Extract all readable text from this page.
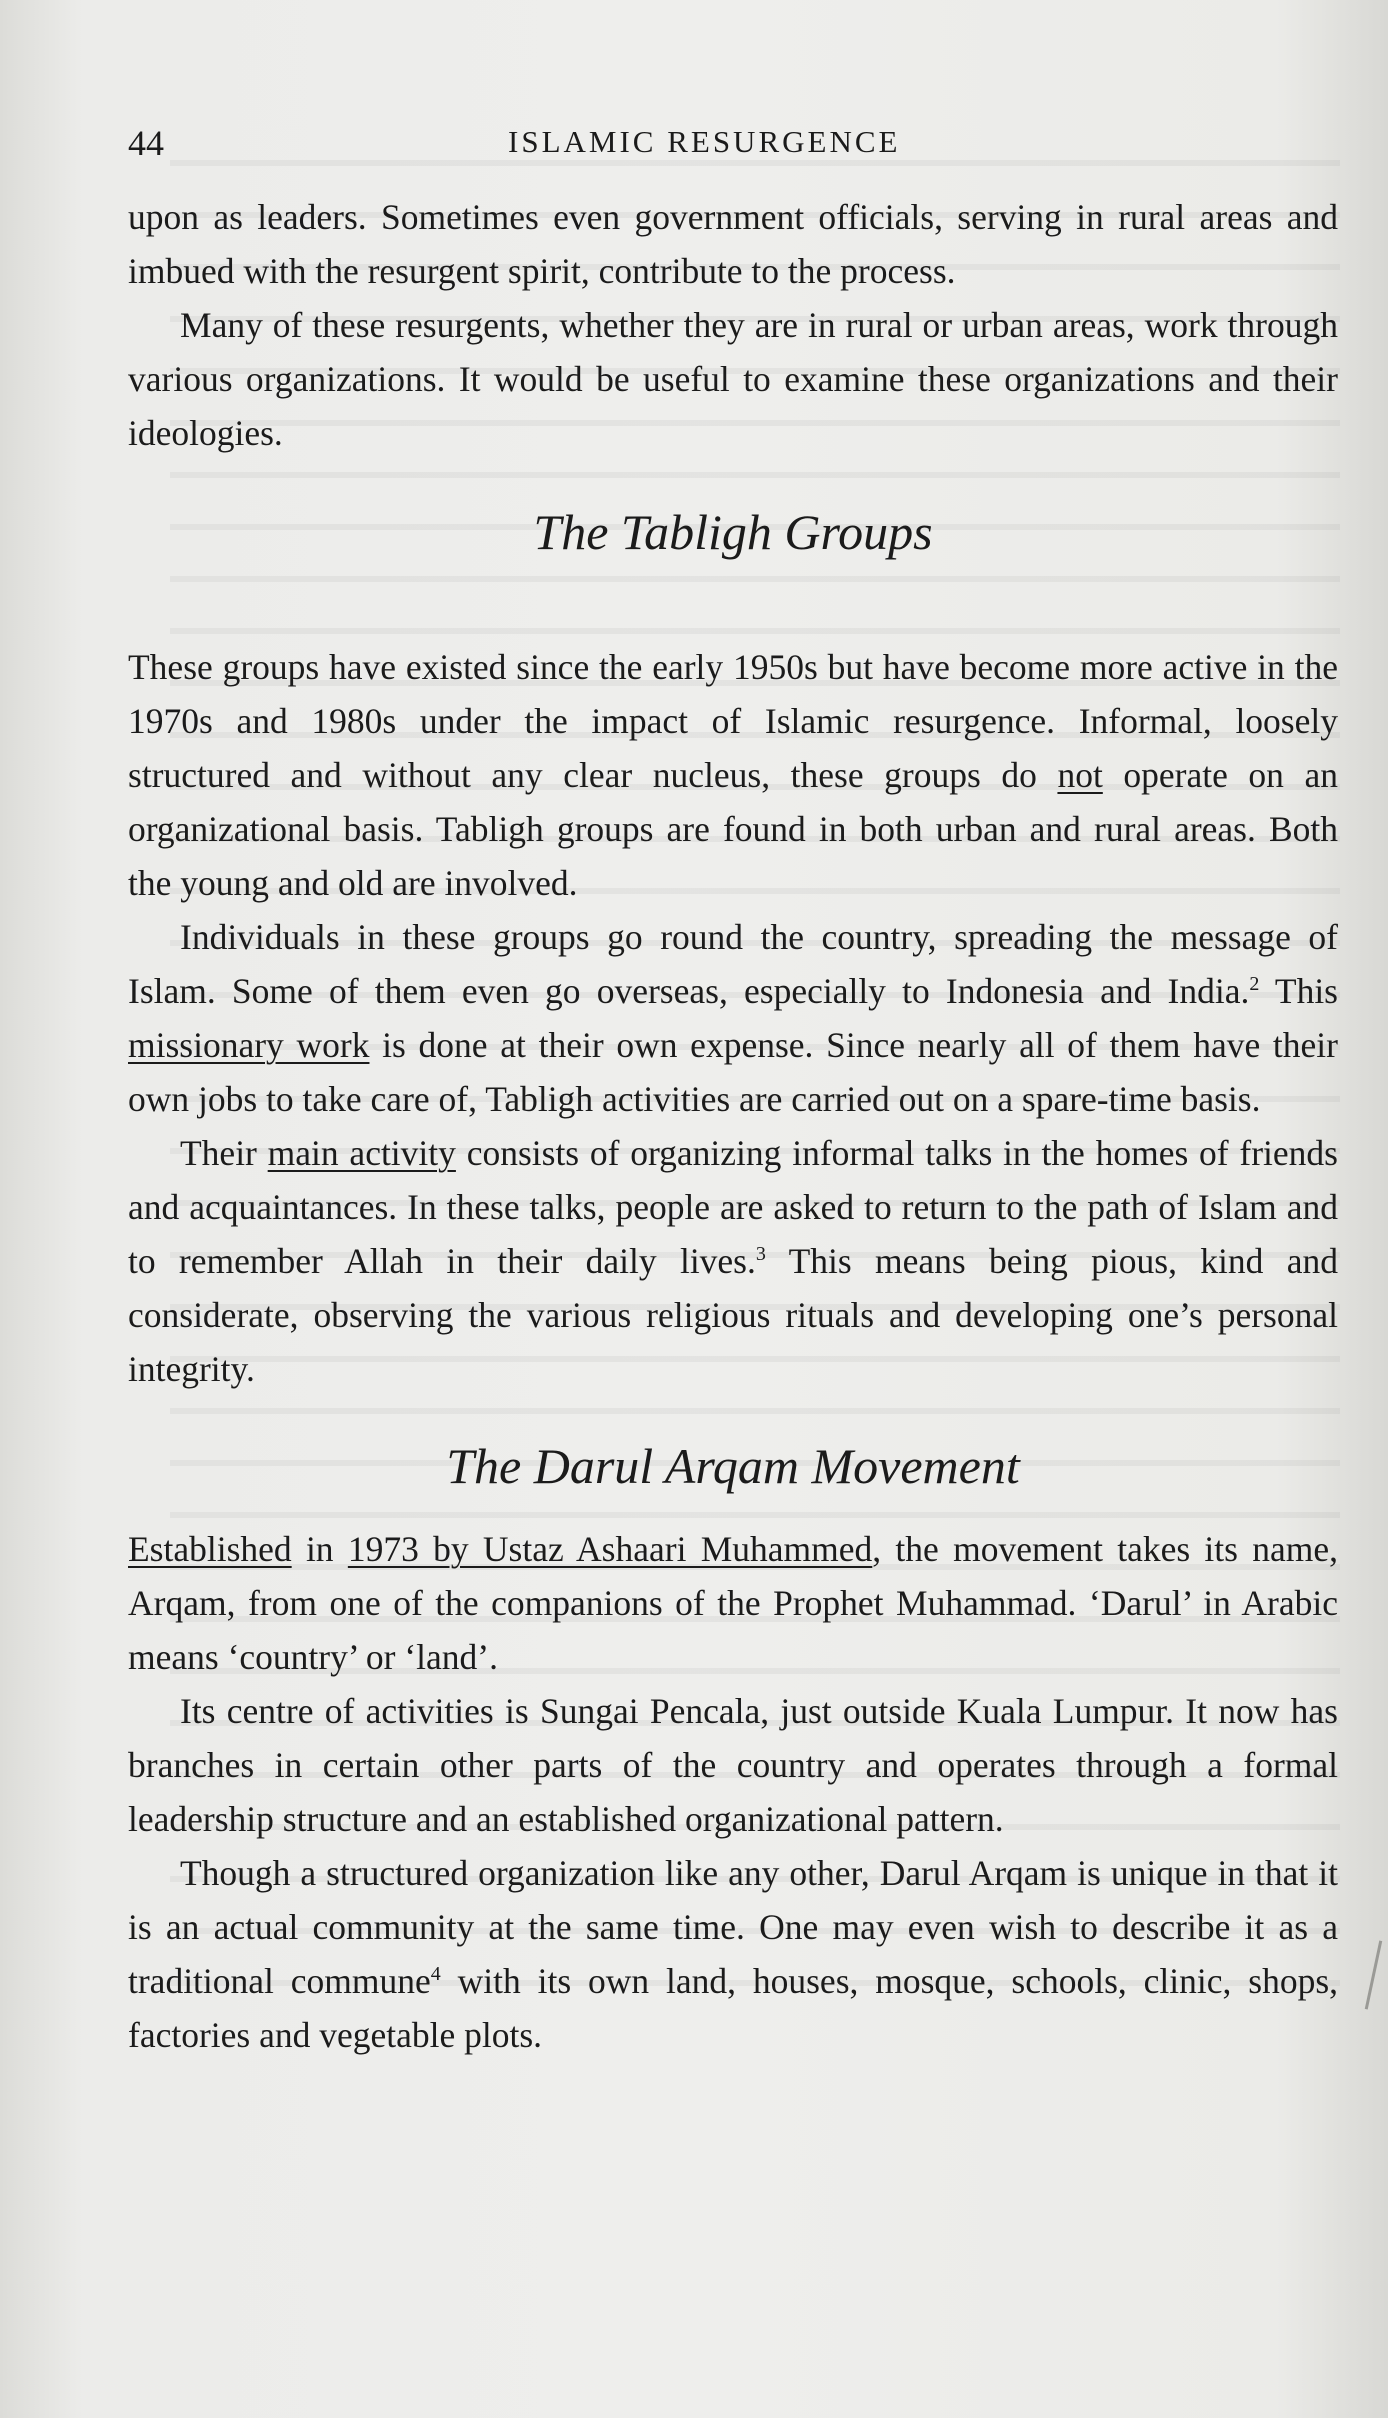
44	ISLAMIC RESURGENCE

upon as leaders. Sometimes even government officials, serving in rural areas and imbued with the resurgent spirit, contribute to the process.

Many of these resurgents, whether they are in rural or urban areas, work through various organizations. It would be useful to examine these organizations and their ideologies.

The Tabligh Groups

These groups have existed since the early 1950s but have become more active in the 1970s and 1980s under the impact of Islamic resurgence. Informal, loosely structured and without any clear nucleus, these groups do not operate on an organizational basis. Tabligh groups are found in both urban and rural areas. Both the young and old are involved.

Individuals in these groups go round the country, spreading the message of Islam. Some of them even go overseas, especially to Indonesia and India.$^2$ This missionary work is done at their own expense. Since nearly all of them have their own jobs to take care of, Tabligh activities are carried out on a spare-time basis.

Their main activity consists of organizing informal talks in the homes of friends and acquaintances. In these talks, people are asked to return to the path of Islam and to remember Allah in their daily lives.$^3$ This means being pious, kind and considerate, observing the various religious rituals and developing one’s personal integrity.

The Darul Arqam Movement

Established in 1973 by Ustaz Ashaari Muhammed, the movement takes its name, Arqam, from one of the companions of the Prophet Muhammad. ‘Darul’ in Arabic means ‘country’ or ‘land’.

Its centre of activities is Sungai Pencala, just outside Kuala Lumpur. It now has branches in certain other parts of the country and operates through a formal leadership structure and an established organizational pattern.

Though a structured organization like any other, Darul Arqam is unique in that it is an actual community at the same time. One may even wish to describe it as a traditional commune$^4$ with its own land, houses, mosque, schools, clinic, shops, factories and vegetable plots.
